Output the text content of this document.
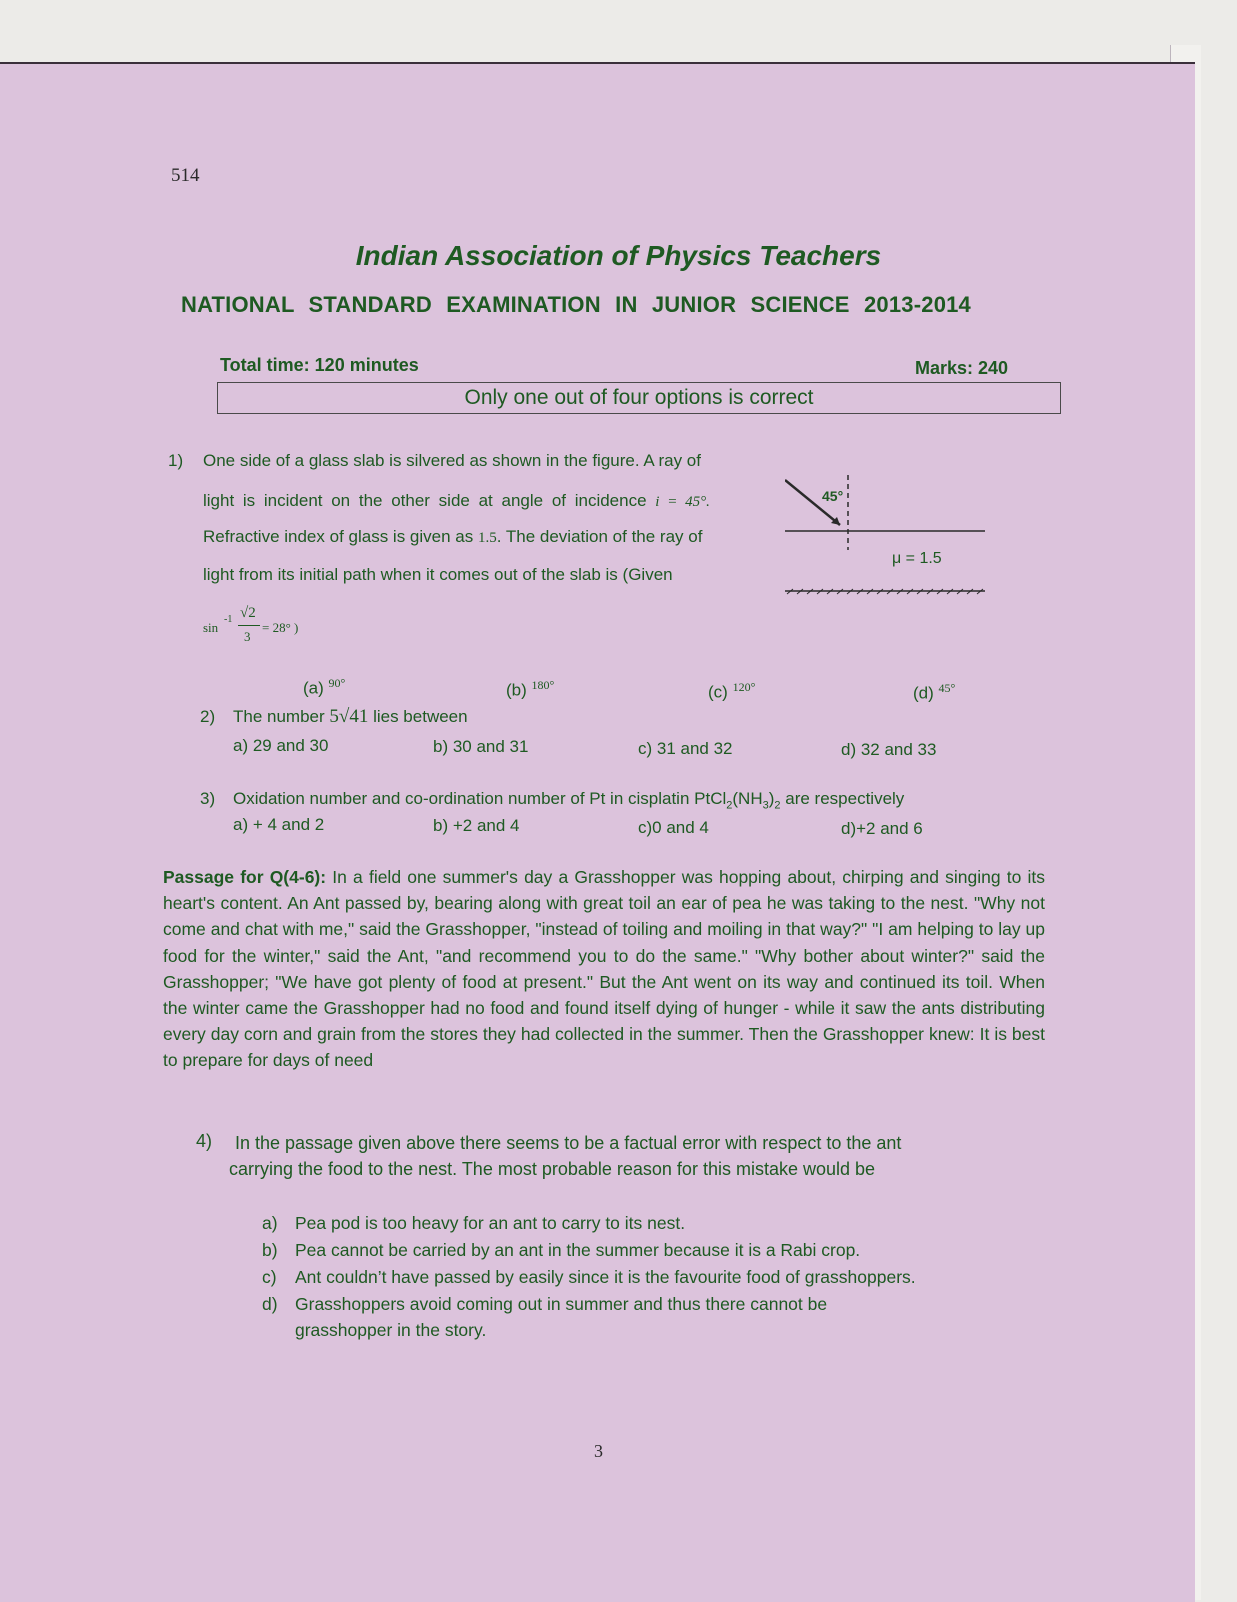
514
Indian Association of Physics Teachers
NATIONAL STANDARD EXAMINATION IN JUNIOR SCIENCE 2013-2014
Total time: 120 minutes	Marks: 240
Only one out of four options is correct
1) One side of a glass slab is silvered as shown in the figure. A ray of
light is incident on the other side at angle of incidence i = 45°.
Refractive index of glass is given as 1.5. The deviation of the ray of
light from its initial path when it comes out of the slab is (Given
sin
-1 √2
3
= 28° )
45°
μ = 1.5
(a) $^{90^\circ}$	(b) $^{180^\circ}$	(c) $^{120^\circ}$	(d) $^{45^\circ}$
2) The number 5√41 lies between
a) 29 and 30	b) 30 and 31	c) 31 and 32	d) 32 and 33
3) Oxidation number and co-ordination number of Pt in cisplatin $PtCl_2(NH_3)_2$ are respectively
a) + 4 and 2	b) +2 and 4	c)0 and 4	d)+2 and 6
Passage for Q(4-6): In a field one summer's day a Grasshopper was hopping about, chirping and singing to its heart's content. An Ant passed by, bearing along with great toil an ear of pea he was taking to the nest. "Why not come and chat with me," said the Grasshopper, "instead of toiling and moiling in that way?" "I am helping to lay up food for the winter," said the Ant, "and recommend you to do the same." "Why bother about winter?" said the Grasshopper; "We have got plenty of food at present." But the Ant went on its way and continued its toil. When the winter came the Grasshopper had no food and found itself dying of hunger - while it saw the ants distributing every day corn and grain from the stores they had collected in the summer. Then the Grasshopper knew: It is best to prepare for days of need
4) In the passage given above there seems to be a factual error with respect to the ant
carrying the food to the nest. The most probable reason for this mistake would be
a) Pea pod is too heavy for an ant to carry to its nest.
b) Pea cannot be carried by an ant in the summer because it is a Rabi crop.
c) Ant couldn’t have passed by easily since it is the favourite food of grasshoppers.
d) Grasshoppers avoid coming out in summer and thus there cannot be
grasshopper in the story.
3
